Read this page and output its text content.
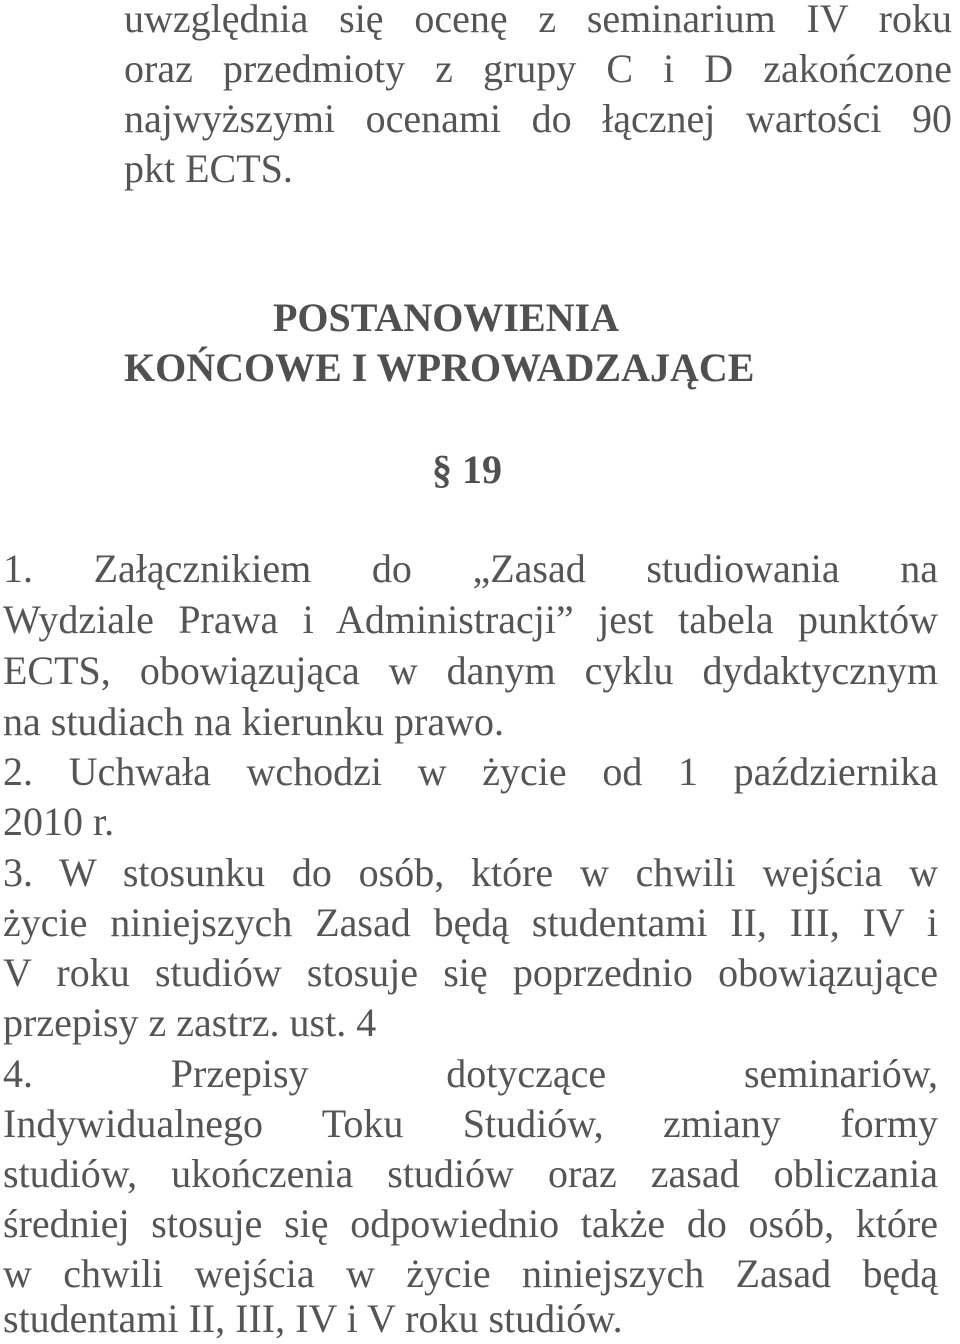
uwzględnia się ocenę z seminarium IV roku
oraz przedmioty z grupy C i D zakończone
najwyższymi ocenami do łącznej wartości 90
pkt ECTS.
POSTANOWIENIA
KOŃCOWE I WPROWADZAJĄCE
§ 19
1. Załącznikiem do „Zasad studiowania na
Wydziale Prawa i Administracji” jest tabela punktów
ECTS, obowiązująca w danym cyklu dydaktycznym
na studiach na kierunku prawo.
2. Uchwała wchodzi w życie od 1 października
2010 r.
3. W stosunku do osób, które w chwili wejścia w
życie niniejszych Zasad będą studentami II, III, IV i
V roku studiów stosuje się poprzednio obowiązujące
przepisy z zastrz. ust. 4
4. Przepisy dotyczące seminariów,
Indywidualnego Toku Studiów, zmiany formy
studiów, ukończenia studiów oraz zasad obliczania
średniej stosuje się odpowiednio także do osób, które
w chwili wejścia w życie niniejszych Zasad będą
studentami II, III, IV i V roku studiów.
